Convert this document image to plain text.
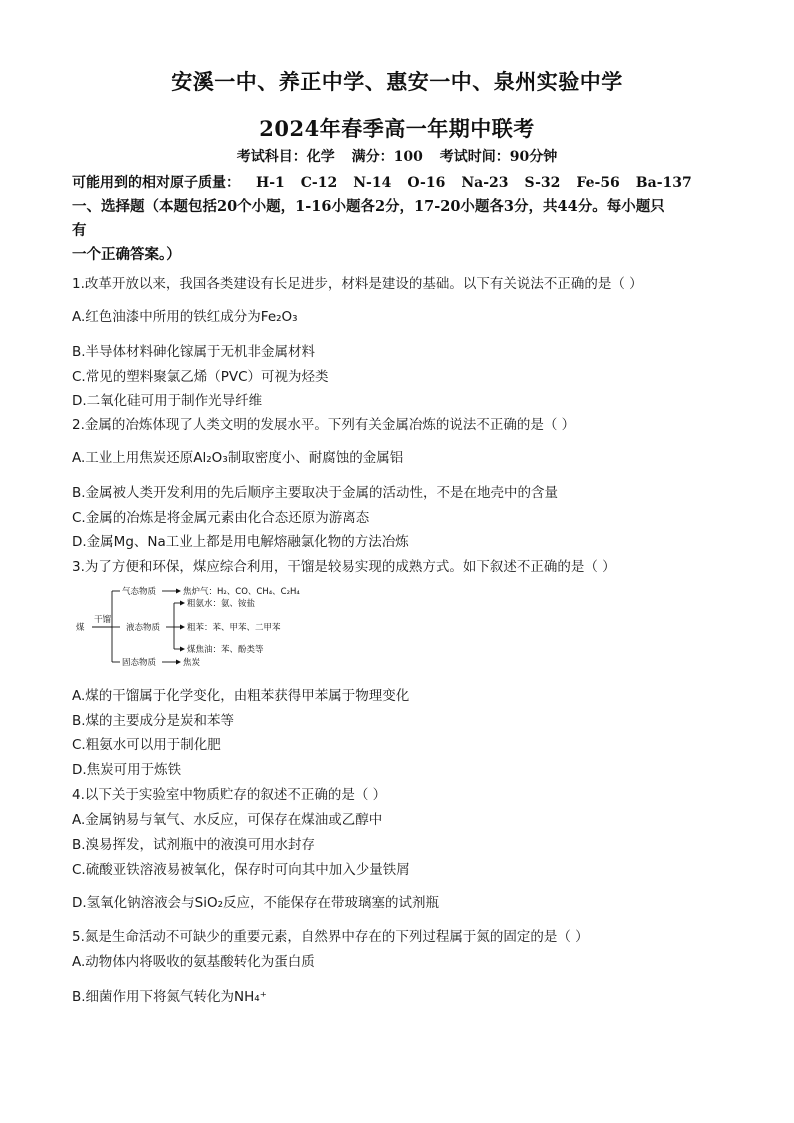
安溪一中、养正中学、惠安一中、泉州实验中学
2024年春季高一年期中联考
考试科目：化学 满分：100 考试时间：90分钟
可能用到的相对原子质量： H-1 C-12 N-14 O-16 Na-23 S-32 Fe-56 Ba-137
一、选择题（本题包括20个小题，1-16小题各2分，17-20小题各3分，共44分。每小题只
有
一个正确答案。）
1.改革开放以来，我国各类建设有长足进步，材料是建设的基础。以下有关说法不正确的是（ ）
A.红色油漆中所用的铁红成分为Fe₂O₃
B.半导体材料砷化镓属于无机非金属材料
C.常见的塑料聚氯乙烯（PVC）可视为烃类
D.二氧化硅可用于制作光导纤维
2.金属的冶炼体现了人类文明的发展水平。下列有关金属冶炼的说法不正确的是（ ）
A.工业上用焦炭还原Al₂O₃制取密度小、耐腐蚀的金属铝
B.金属被人类开发利用的先后顺序主要取决于金属的活动性，不是在地壳中的含量
C.金属的冶炼是将金属元素由化合态还原为游离态
D.金属Mg、Na工业上都是用电解熔融氯化物的方法冶炼
3.为了方便和环保，煤应综合利用，干馏是较易实现的成熟方式。如下叙述不正确的是（ ）
煤
干馏
气态物质	焦炉气：H₂、CO、CH₄、C₂H₄
液态物质
粗氨水：氨、铵盐
粗苯：苯、甲苯、二甲苯
煤焦油：苯、酚类等
固态物质	焦炭
A.煤的干馏属于化学变化，由粗苯获得甲苯属于物理变化
B.煤的主要成分是炭和苯等
C.粗氨水可以用于制化肥
D.焦炭可用于炼铁
4.以下关于实验室中物质贮存的叙述不正确的是（ ）
A.金属钠易与氧气、水反应，可保存在煤油或乙醇中
B.溴易挥发，试剂瓶中的液溴可用水封存
C.硫酸亚铁溶液易被氧化，保存时可向其中加入少量铁屑
D.氢氧化钠溶液会与SiO₂反应，不能保存在带玻璃塞的试剂瓶
5.氮是生命活动不可缺少的重要元素，自然界中存在的下列过程属于氮的固定的是（ ）
A.动物体内将吸收的氨基酸转化为蛋白质
B.细菌作用下将氮气转化为NH₄⁺
